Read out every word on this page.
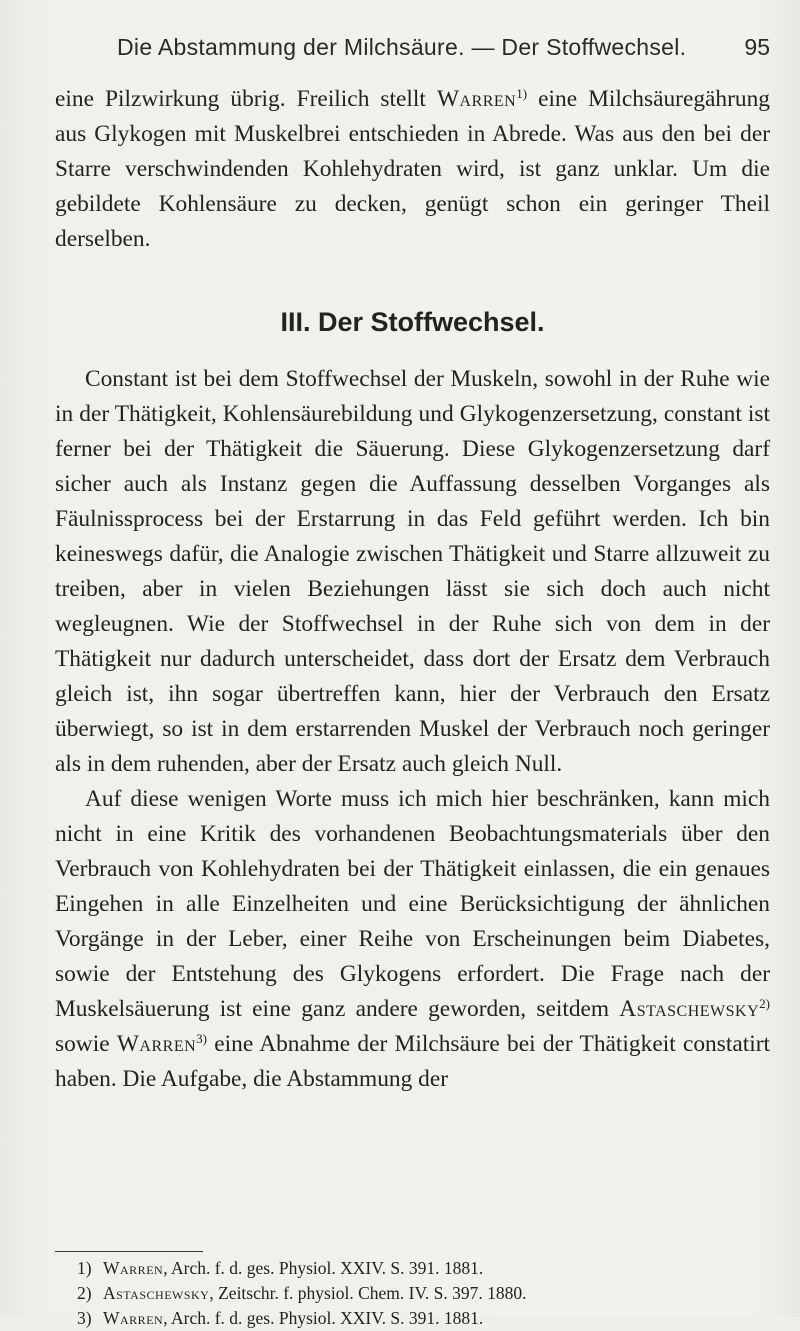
Die Abstammung der Milchsäure. — Der Stoffwechsel.	95

eine Pilzwirkung übrig. Freilich stellt Warren$^{1)}$ eine Milchsäuregährung aus Glykogen mit Muskelbrei entschieden in Abrede. Was aus den bei der Starre verschwindenden Kohlehydraten wird, ist ganz unklar. Um die gebildete Kohlensäure zu decken, genügt schon ein geringer Theil derselben.

III. Der Stoffwechsel.

Constant ist bei dem Stoffwechsel der Muskeln, sowohl in der Ruhe wie in der Thätigkeit, Kohlensäurebildung und Glykogenzersetzung, constant ist ferner bei der Thätigkeit die Säuerung. Diese Glykogenzersetzung darf sicher auch als Instanz gegen die Auffassung desselben Vorganges als Fäulnissprocess bei der Erstarrung in das Feld geführt werden. Ich bin keineswegs dafür, die Analogie zwischen Thätigkeit und Starre allzuweit zu treiben, aber in vielen Beziehungen lässt sie sich doch auch nicht wegleugnen. Wie der Stoffwechsel in der Ruhe sich von dem in der Thätigkeit nur dadurch unterscheidet, dass dort der Ersatz dem Verbrauch gleich ist, ihn sogar übertreffen kann, hier der Verbrauch den Ersatz überwiegt, so ist in dem erstarrenden Muskel der Verbrauch noch geringer als in dem ruhenden, aber der Ersatz auch gleich Null.

Auf diese wenigen Worte muss ich mich hier beschränken, kann mich nicht in eine Kritik des vorhandenen Beobachtungsmaterials über den Verbrauch von Kohlehydraten bei der Thätigkeit einlassen, die ein genaues Eingehen in alle Einzelheiten und eine Berücksichtigung der ähnlichen Vorgänge in der Leber, einer Reihe von Erscheinungen beim Diabetes, sowie der Entstehung des Glykogens erfordert. Die Frage nach der Muskelsäuerung ist eine ganz andere geworden, seitdem Astaschewsky$^{2)}$ sowie Warren$^{3)}$ eine Abnahme der Milchsäure bei der Thätigkeit constatirt haben. Die Aufgabe, die Abstammung der

1) Warren, Arch. f. d. ges. Physiol. XXIV. S. 391. 1881.
2) Astaschewsky, Zeitschr. f. physiol. Chem. IV. S. 397. 1880.
3) Warren, Arch. f. d. ges. Physiol. XXIV. S. 391. 1881.
